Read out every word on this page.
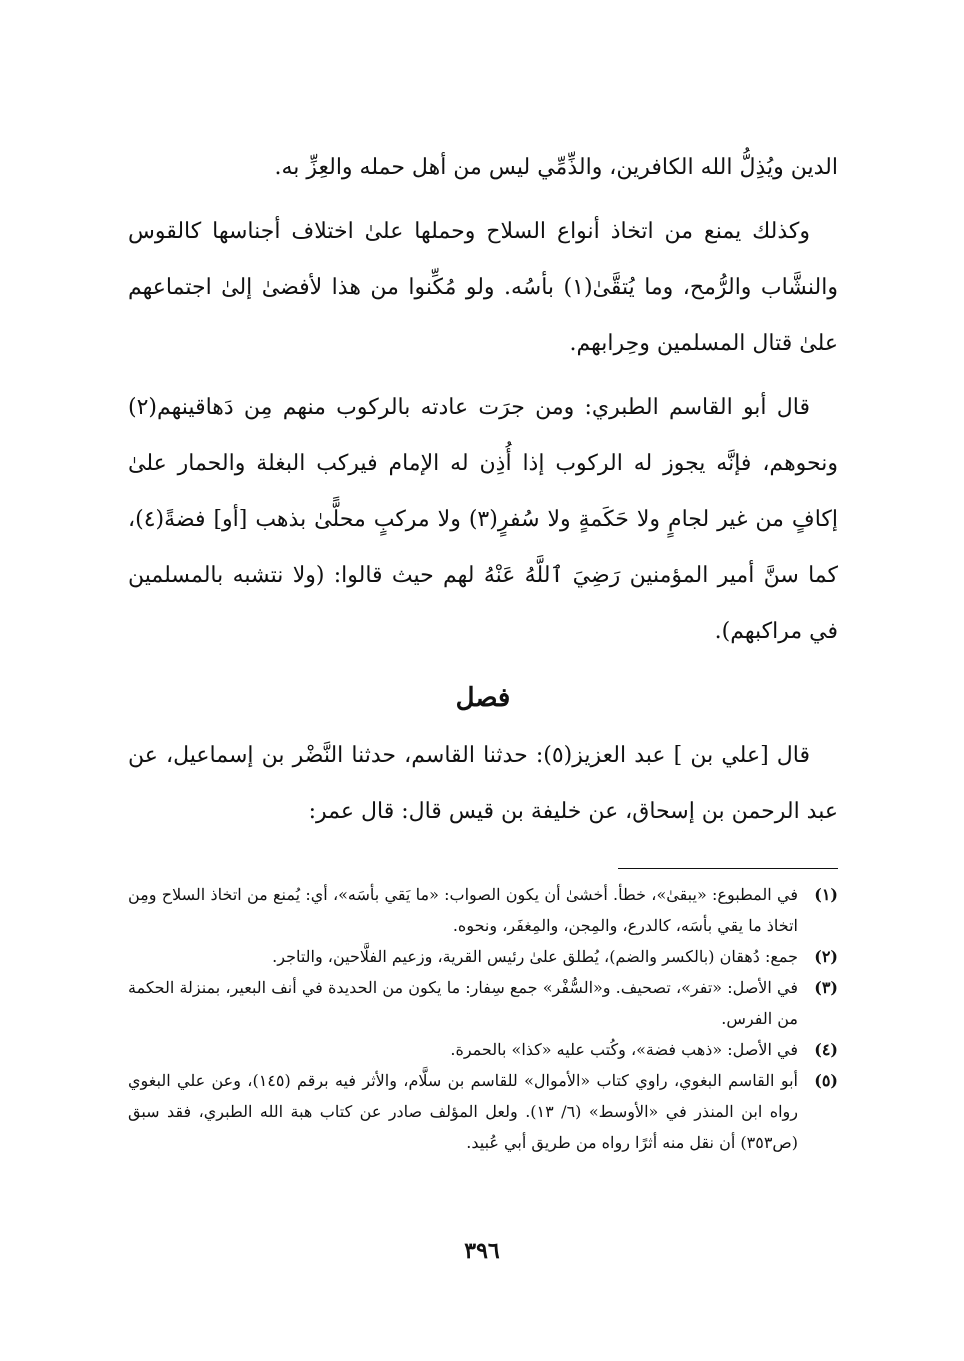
الدين ويُذِلُّ الله الكافرين، والذِّمِّي ليس من أهل حمله والعِزِّ به.

وكذلك يمنع من اتخاذ أنواع السلاح وحملها علىٰ اختلاف أجناسها كالقوس والنشَّاب والرُّمح، وما يُتقَّىٰ(١) بأسُه. ولو مُكِّنوا من هذا لأفضىٰ إلىٰ اجتماعهم علىٰ قتال المسلمين وحِرابهم.

قال أبو القاسم الطبري: ومن جرَت عادته بالركوب منهم مِن دَهاقينهم(٢) ونحوهم، فإنَّه يجوز له الركوب إذا أُذِن له الإمام فيركب البغلة والحمار علىٰ إكافٍ من غير لجامٍ ولا حَكَمةٍ ولا سُفرٍ(٣) ولا مركبٍ محلًّىٰ بذهب [أو] فضةً(٤)، كما سنَّ أمير المؤمنين رَضِيَ ٱللَّهُ عَنْهُ لهم حيث قالوا: (ولا نتشبه بالمسلمين في مراكبهم).

فصل

قال [علي بن ] عبد العزيز(٥): حدثنا القاسم، حدثنا النَّضْر بن إسماعيل، عن عبد الرحمن بن إسحاق، عن خليفة بن قيس قال: قال عمر:

(١)
في المطبوع: «يبقىٰ»، خطأ. أخشىٰ أن يكون الصواب: «ما يَقي بأسَه»، أي: يُمنع من اتخاذ السلاح ومِن اتخاذ ما يقي بأسَه، كالدرع، والمِجن، والمِغفَر، ونحوه.
(٢)
جمع: دُهقان (بالكسر والضم)، يُطلق علىٰ رئيس القرية، وزعيم الفلَّاحين، والتاجر.
(٣)
في الأصل: «تفر»، تصحيف. و«السُّفْر» جمع سِفار: ما يكون من الحديدة في أنف البعير، بمنزلة الحكمة من الفرس.
(٤)
في الأصل: «ذهب فضة»، وكُتب عليه «كذا» بالحمرة.
(٥)
أبو القاسم البغوي، راوي كتاب «الأموال» للقاسم بن سلَّام، والأثر فيه برقم (١٤٥)، وعن علي البغوي رواه ابن المنذر في «الأوسط» (٦/ ١٣). ولعل المؤلف صادر عن كتاب هبة الله الطبري، فقد سبق (ص٣٥٣) أن نقل منه أثرًا رواه من طريق أبي عُبيد.
٣٩٦
